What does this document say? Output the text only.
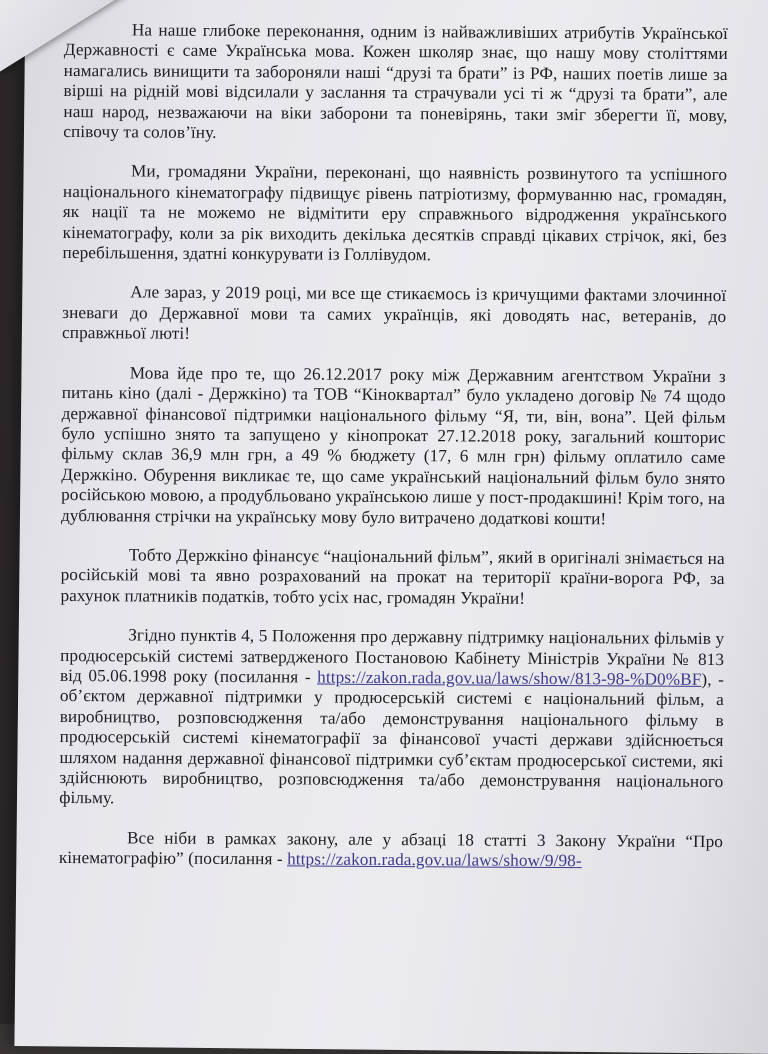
На наше глибоке переконання, одним із найважливіших атрибутів Української Державності є саме Українська мова. Кожен школяр знає, що нашу мову століттями намагались винищити та забороняли наші “друзі та брати” із РФ, наших поетів лише за вірші на рідній мові відсилали у заслання та страчували усі ті ж “друзі та брати”, але наш народ, незважаючи на віки заборони та поневірянь, таки зміг зберегти її, мову, співочу та солов’їну.

Ми, громадяни України, переконані, що наявність розвинутого та успішного національного кінематографу підвищує рівень патріотизму, формуванню нас, громадян, як нації та не можемо не відмітити еру справжнього відродження українського кінематографу, коли за рік виходить декілька десятків справді цікавих стрічок, які, без перебільшення, здатні конкурувати із Голлівудом.

Але зараз, у 2019 році, ми все ще стикаємось із кричущими фактами злочинної зневаги до Державної мови та самих українців, які доводять нас, ветеранів, до справжньої люті!

Мова йде про те, що 26.12.2017 року між Державним агентством України з питань кіно (далі - Держкіно) та ТОВ “Кіноквартал” було укладено договір № 74 щодо державної фінансової підтримки національного фільму “Я, ти, він, вона”. Цей фільм було успішно знято та запущено у кінопрокат 27.12.2018 року, загальний кошторис фільму склав 36,9 млн грн, а 49 % бюджету (17, 6 млн грн) фільму оплатило саме Держкіно. Обурення викликає те, що саме український національний фільм було знято російською мовою, а продубльовано українською лише у пост-продакшині! Крім того, на дублювання стрічки на українську мову було витрачено додаткові кошти!

Тобто Держкіно фінансує “національний фільм”, який в оригіналі знімається на російській мові та явно розрахований на прокат на території країни-ворога РФ, за рахунок платників податків, тобто усіх нас, громадян України!

Згідно пунктів 4, 5 Положення про державну підтримку національних фільмів у продюсерській системі затвердженого Постановою Кабінету Міністрів України № 813 від 05.06.1998 року (посилання - https://zakon.rada.gov.ua/laws/show/813-98-%D0%BF), - об’єктом державної підтримки у продюсерській системі є національний фільм, а виробництво, розповсюдження та/або демонстрування національного фільму в продюсерській системі кінематографії за фінансової участі держави здійснюється шляхом надання державної фінансової підтримки суб’єктам продюсерської системи, які здійснюють виробництво, розповсюдження та/або демонстрування національного фільму.

Все ніби в рамках закону, але у абзаці 18 статті 3 Закону України “Про кінематографію” (посилання - https://zakon.rada.gov.ua/laws/show/9/98-
